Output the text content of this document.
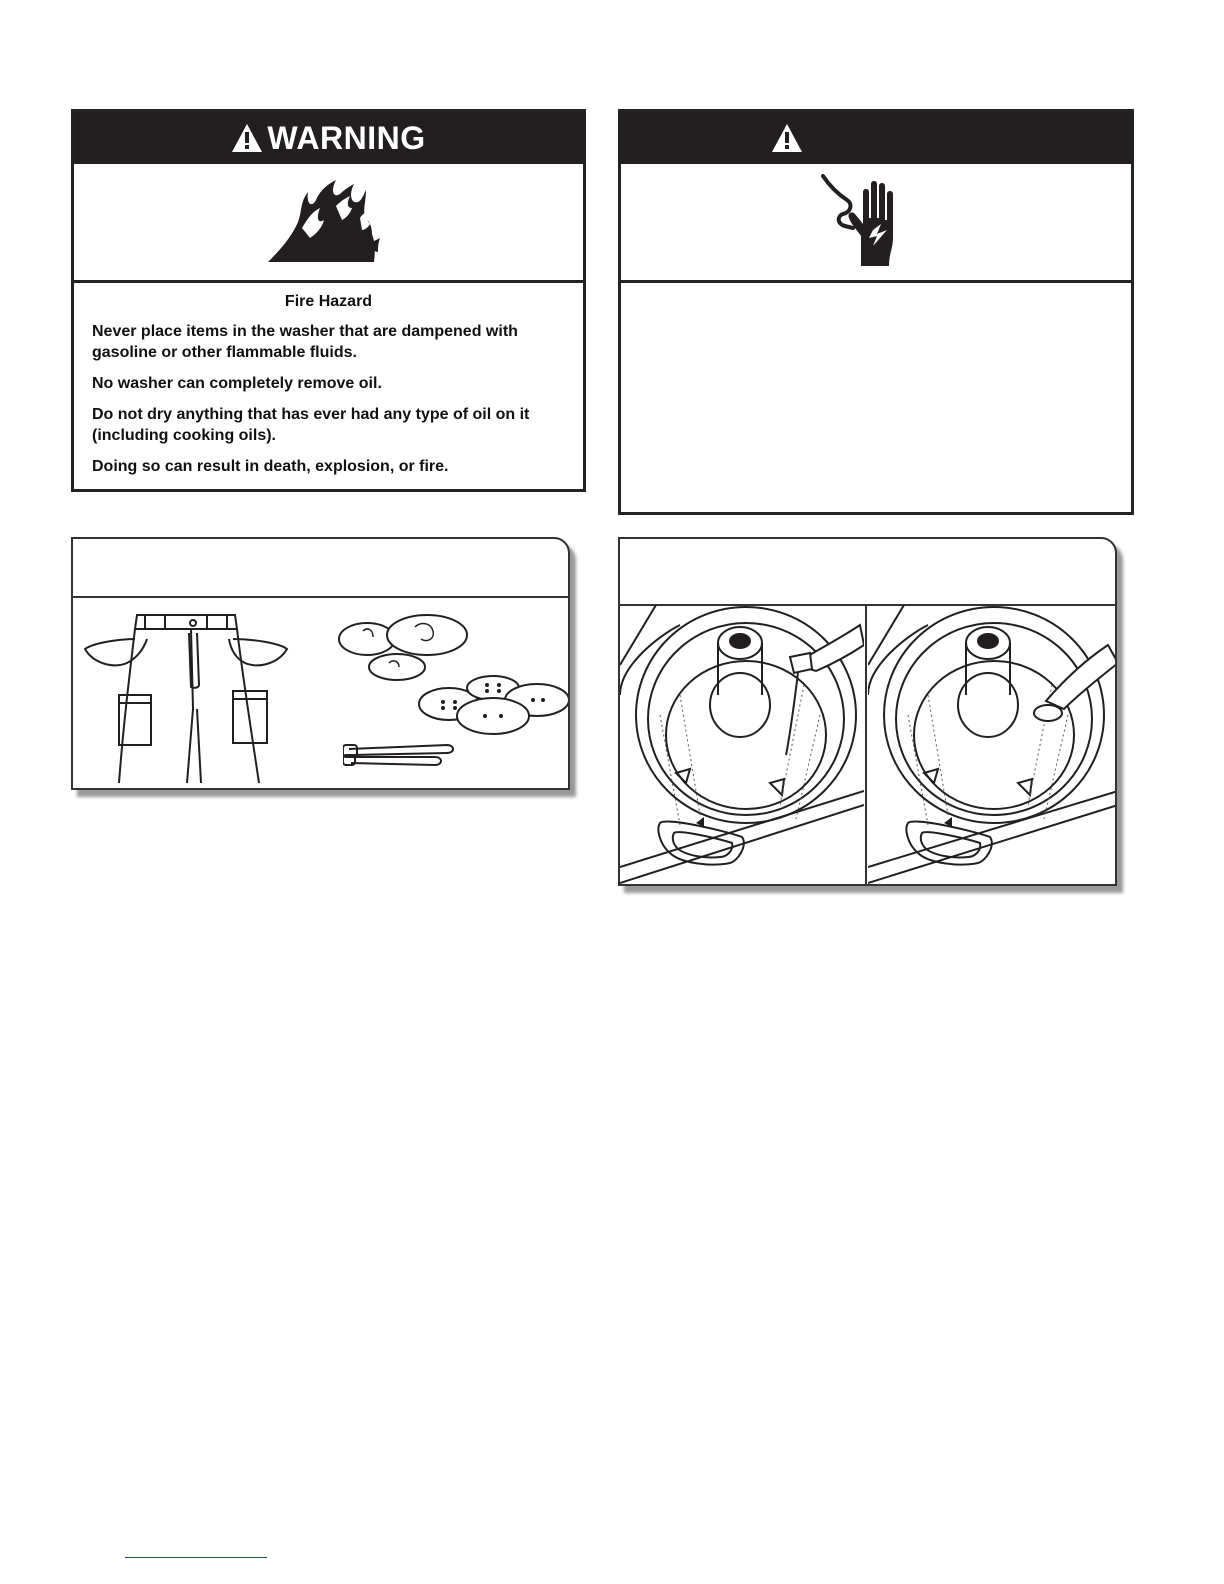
WARNING

Fire Hazard

Never place items in the washer that are dampened with gasoline or other flammable fluids.

No washer can completely remove oil.

Do not dry anything that has ever had any type of oil on it (including cooking oils).

Doing so can result in death, explosion, or fire.
